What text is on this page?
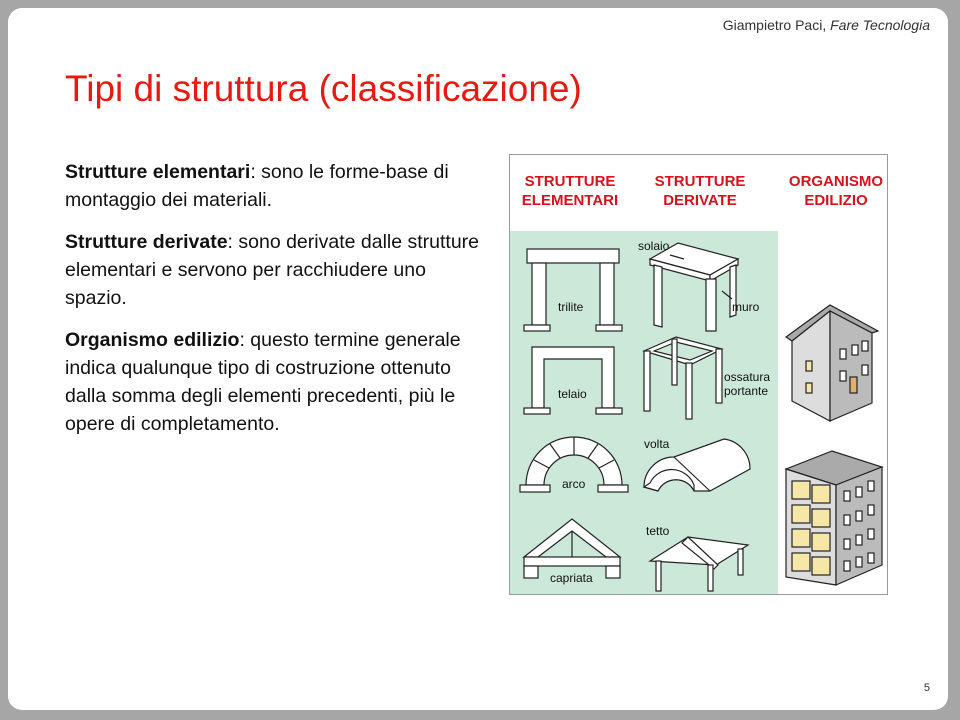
Giampietro Paci, Fare Tecnologia
Tipi di struttura (classificazione)

Strutture elementari: sono le forme-base di montaggio dei materiali.

Strutture derivate: sono derivate dalle strutture elementari e servono per racchiudere uno spazio.

Organismo edilizio: questo termine generale indica qualunque tipo di costruzione ottenuto dalla somma degli elementi precedenti, più le opere di completamento.

STRUTTURE
ELEMENTARI
STRUTTURE
DERIVATE
ORGANISMO
EDILIZIO
trilite
telaio
arco
capriata
solaio
muro
ossatura
portante
volta
tetto
5
